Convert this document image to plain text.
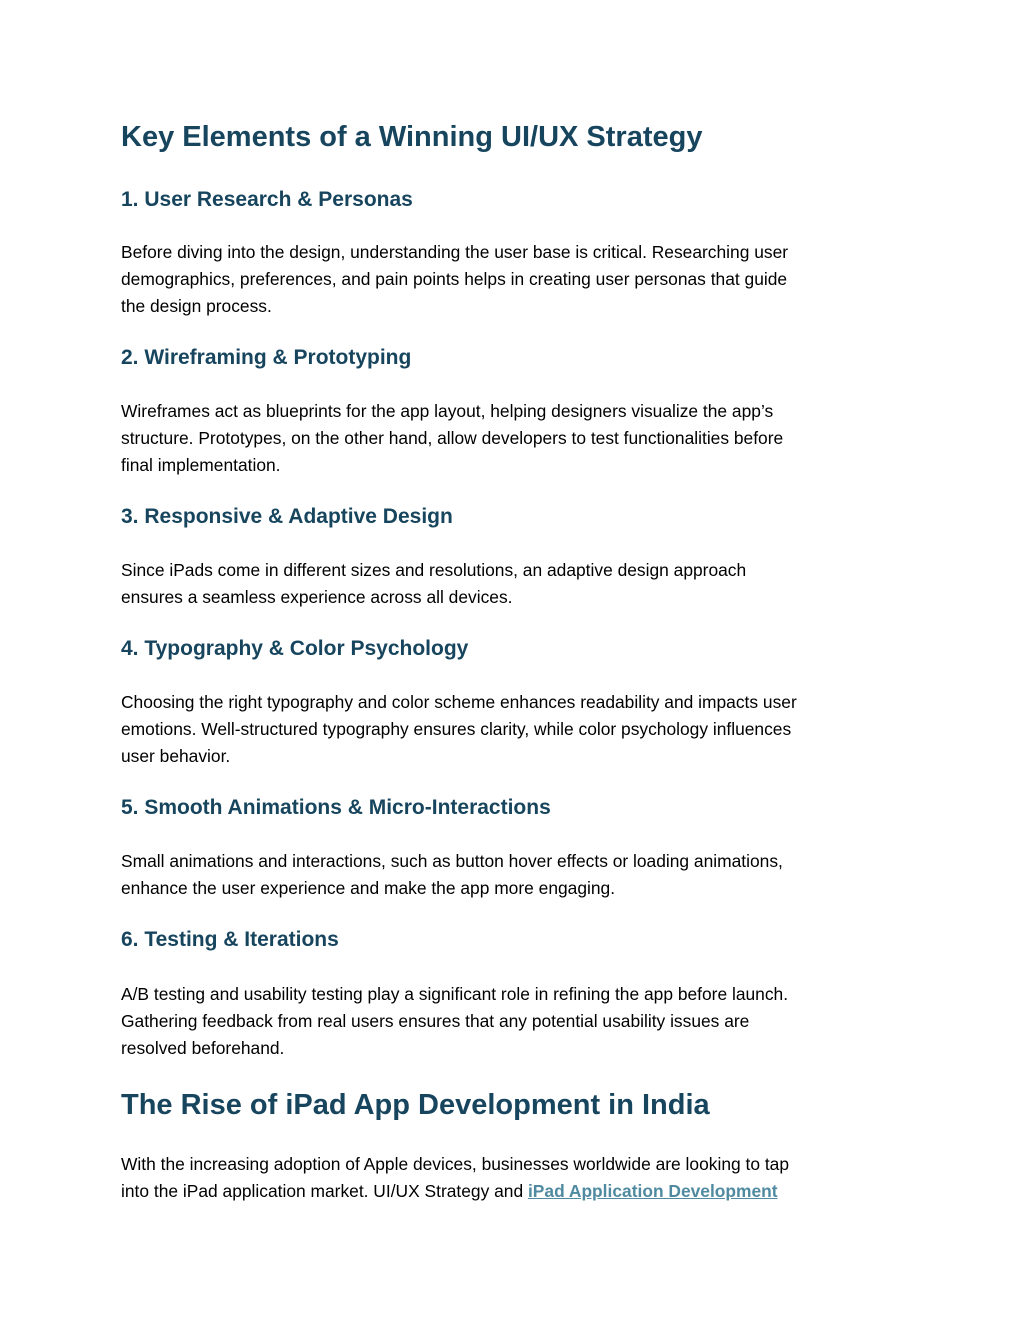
Key Elements of a Winning UI/UX Strategy
1. User Research & Personas
Before diving into the design, understanding the user base is critical. Researching user
demographics, preferences, and pain points helps in creating user personas that guide
the design process.
2. Wireframing & Prototyping
Wireframes act as blueprints for the app layout, helping designers visualize the app’s
structure. Prototypes, on the other hand, allow developers to test functionalities before
final implementation.
3. Responsive & Adaptive Design
Since iPads come in different sizes and resolutions, an adaptive design approach
ensures a seamless experience across all devices.
4. Typography & Color Psychology
Choosing the right typography and color scheme enhances readability and impacts user
emotions. Well-structured typography ensures clarity, while color psychology influences
user behavior.
5. Smooth Animations & Micro-Interactions
Small animations and interactions, such as button hover effects or loading animations,
enhance the user experience and make the app more engaging.
6. Testing & Iterations
A/B testing and usability testing play a significant role in refining the app before launch.
Gathering feedback from real users ensures that any potential usability issues are
resolved beforehand.
The Rise of iPad App Development in India
With the increasing adoption of Apple devices, businesses worldwide are looking to tap
into the iPad application market. UI/UX Strategy and iPad Application Development
